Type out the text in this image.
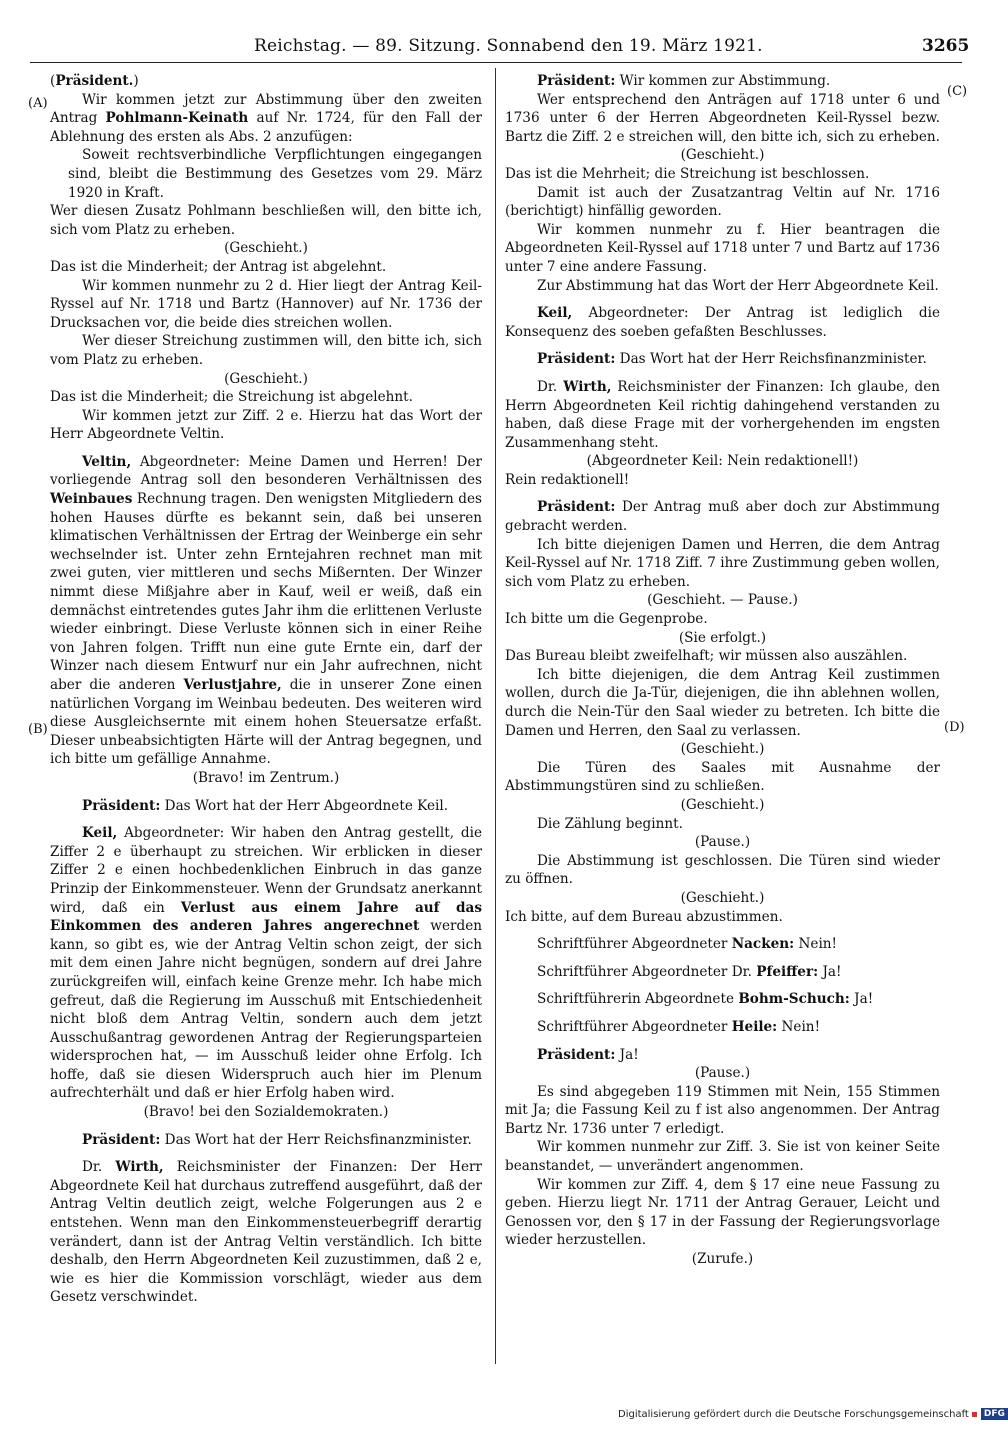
Reichstag. — 89. Sitzung. Sonnabend den 19. März 1921.	3265
(A)
(B)
(C)
(D)

(Präsident.)

Wir kommen jetzt zur Abstimmung über den zweiten Antrag Pohlmann-Keinath auf Nr. 1724, für den Fall der Ablehnung des ersten als Abs. 2 anzufügen:

Soweit rechtsverbindliche Verpflichtungen eingegangen sind, bleibt die Bestimmung des Gesetzes vom 29. März 1920 in Kraft.

Wer diesen Zusatz Pohlmann beschließen will, den bitte ich, sich vom Platz zu erheben.

(Geschieht.)

Das ist die Minderheit; der Antrag ist abgelehnt.

Wir kommen nunmehr zu 2 d. Hier liegt der Antrag Keil-Ryssel auf Nr. 1718 und Bartz (Hannover) auf Nr. 1736 der Drucksachen vor, die beide dies streichen wollen.

Wer dieser Streichung zustimmen will, den bitte ich, sich vom Platz zu erheben.

(Geschieht.)

Das ist die Minderheit; die Streichung ist abgelehnt.

Wir kommen jetzt zur Ziff. 2 e. Hierzu hat das Wort der Herr Abgeordnete Veltin.

Veltin, Abgeordneter: Meine Damen und Herren! Der vorliegende Antrag soll den besonderen Verhältnissen des Weinbaues Rechnung tragen. Den wenigsten Mitgliedern des hohen Hauses dürfte es bekannt sein, daß bei unseren klimatischen Verhältnissen der Ertrag der Weinberge ein sehr wechselnder ist. Unter zehn Erntejahren rechnet man mit zwei guten, vier mittleren und sechs Mißernten. Der Winzer nimmt diese Mißjahre aber in Kauf, weil er weiß, daß ein demnächst eintretendes gutes Jahr ihm die erlittenen Verluste wieder einbringt. Diese Verluste können sich in einer Reihe von Jahren folgen. Trifft nun eine gute Ernte ein, darf der Winzer nach diesem Entwurf nur ein Jahr aufrechnen, nicht aber die anderen Verlustjahre, die in unserer Zone einen natürlichen Vorgang im Weinbau bedeuten. Des weiteren wird diese Ausgleichsernte mit einem hohen Steuersatze erfaßt. Dieser unbeabsichtigten Härte will der Antrag begegnen, und ich bitte um gefällige Annahme.

(Bravo! im Zentrum.)

Präsident: Das Wort hat der Herr Abgeordnete Keil.

Keil, Abgeordneter: Wir haben den Antrag gestellt, die Ziffer 2 e überhaupt zu streichen. Wir erblicken in dieser Ziffer 2 e einen hochbedenklichen Einbruch in das ganze Prinzip der Einkommensteuer. Wenn der Grundsatz anerkannt wird, daß ein Verlust aus einem Jahre auf das Einkommen des anderen Jahres angerechnet werden kann, so gibt es, wie der Antrag Veltin schon zeigt, der sich mit dem einen Jahre nicht begnügen, sondern auf drei Jahre zurückgreifen will, einfach keine Grenze mehr. Ich habe mich gefreut, daß die Regierung im Ausschuß mit Entschiedenheit nicht bloß dem Antrag Veltin, sondern auch dem jetzt Ausschußantrag gewordenen Antrag der Regierungsparteien widersprochen hat, — im Ausschuß leider ohne Erfolg. Ich hoffe, daß sie diesen Widerspruch auch hier im Plenum aufrechterhält und daß er hier Erfolg haben wird.

(Bravo! bei den Sozialdemokraten.)

Präsident: Das Wort hat der Herr Reichsfinanzminister.

Dr. Wirth, Reichsminister der Finanzen: Der Herr Abgeordnete Keil hat durchaus zutreffend ausgeführt, daß der Antrag Veltin deutlich zeigt, welche Folgerungen aus 2 e entstehen. Wenn man den Einkommensteuerbegriff derartig verändert, dann ist der Antrag Veltin verständlich. Ich bitte deshalb, den Herrn Abgeordneten Keil zuzustimmen, daß 2 e, wie es hier die Kommission vorschlägt, wieder aus dem Gesetz verschwindet.

Präsident: Wir kommen zur Abstimmung.

Wer entsprechend den Anträgen auf 1718 unter 6 und 1736 unter 6 der Herren Abgeordneten Keil-Ryssel bezw. Bartz die Ziff. 2 e streichen will, den bitte ich, sich zu erheben.

(Geschieht.)

Das ist die Mehrheit; die Streichung ist beschlossen.

Damit ist auch der Zusatzantrag Veltin auf Nr. 1716 (berichtigt) hinfällig geworden.

Wir kommen nunmehr zu f. Hier beantragen die Abgeordneten Keil-Ryssel auf 1718 unter 7 und Bartz auf 1736 unter 7 eine andere Fassung.

Zur Abstimmung hat das Wort der Herr Abgeordnete Keil.

Keil, Abgeordneter: Der Antrag ist lediglich die Konsequenz des soeben gefaßten Beschlusses.

Präsident: Das Wort hat der Herr Reichsfinanzminister.

Dr. Wirth, Reichsminister der Finanzen: Ich glaube, den Herrn Abgeordneten Keil richtig dahingehend verstanden zu haben, daß diese Frage mit der vorhergehenden im engsten Zusammenhang steht.

(Abgeordneter Keil: Nein redaktionell!)

Rein redaktionell!

Präsident: Der Antrag muß aber doch zur Abstimmung gebracht werden.

Ich bitte diejenigen Damen und Herren, die dem Antrag Keil-Ryssel auf Nr. 1718 Ziff. 7 ihre Zustimmung geben wollen, sich vom Platz zu erheben.

(Geschieht. — Pause.)

Ich bitte um die Gegenprobe.

(Sie erfolgt.)

Das Bureau bleibt zweifelhaft; wir müssen also auszählen.

Ich bitte diejenigen, die dem Antrag Keil zustimmen wollen, durch die Ja-Tür, diejenigen, die ihn ablehnen wollen, durch die Nein-Tür den Saal wieder zu betreten. Ich bitte die Damen und Herren, den Saal zu verlassen.

(Geschieht.)

Die Türen des Saales mit Ausnahme der Abstimmungstüren sind zu schließen.

(Geschieht.)

Die Zählung beginnt.

(Pause.)

Die Abstimmung ist geschlossen. Die Türen sind wieder zu öffnen.

(Geschieht.)

Ich bitte, auf dem Bureau abzustimmen.

Schriftführer Abgeordneter Nacken: Nein!

Schriftführer Abgeordneter Dr. Pfeiffer: Ja!

Schriftführerin Abgeordnete Bohm-Schuch: Ja!

Schriftführer Abgeordneter Heile: Nein!

Präsident: Ja!

(Pause.)

Es sind abgegeben 119 Stimmen mit Nein, 155 Stimmen mit Ja; die Fassung Keil zu f ist also angenommen. Der Antrag Bartz Nr. 1736 unter 7 erledigt.

Wir kommen nunmehr zur Ziff. 3. Sie ist von keiner Seite beanstandet, — unverändert angenommen.

Wir kommen zur Ziff. 4, dem § 17 eine neue Fassung zu geben. Hierzu liegt Nr. 1711 der Antrag Gerauer, Leicht und Genossen vor, den § 17 in der Fassung der Regierungsvorlage wieder herzustellen.

(Zurufe.)

Digitalisierung gefördert durch die Deutsche Forschungsgemeinschaft DFG
